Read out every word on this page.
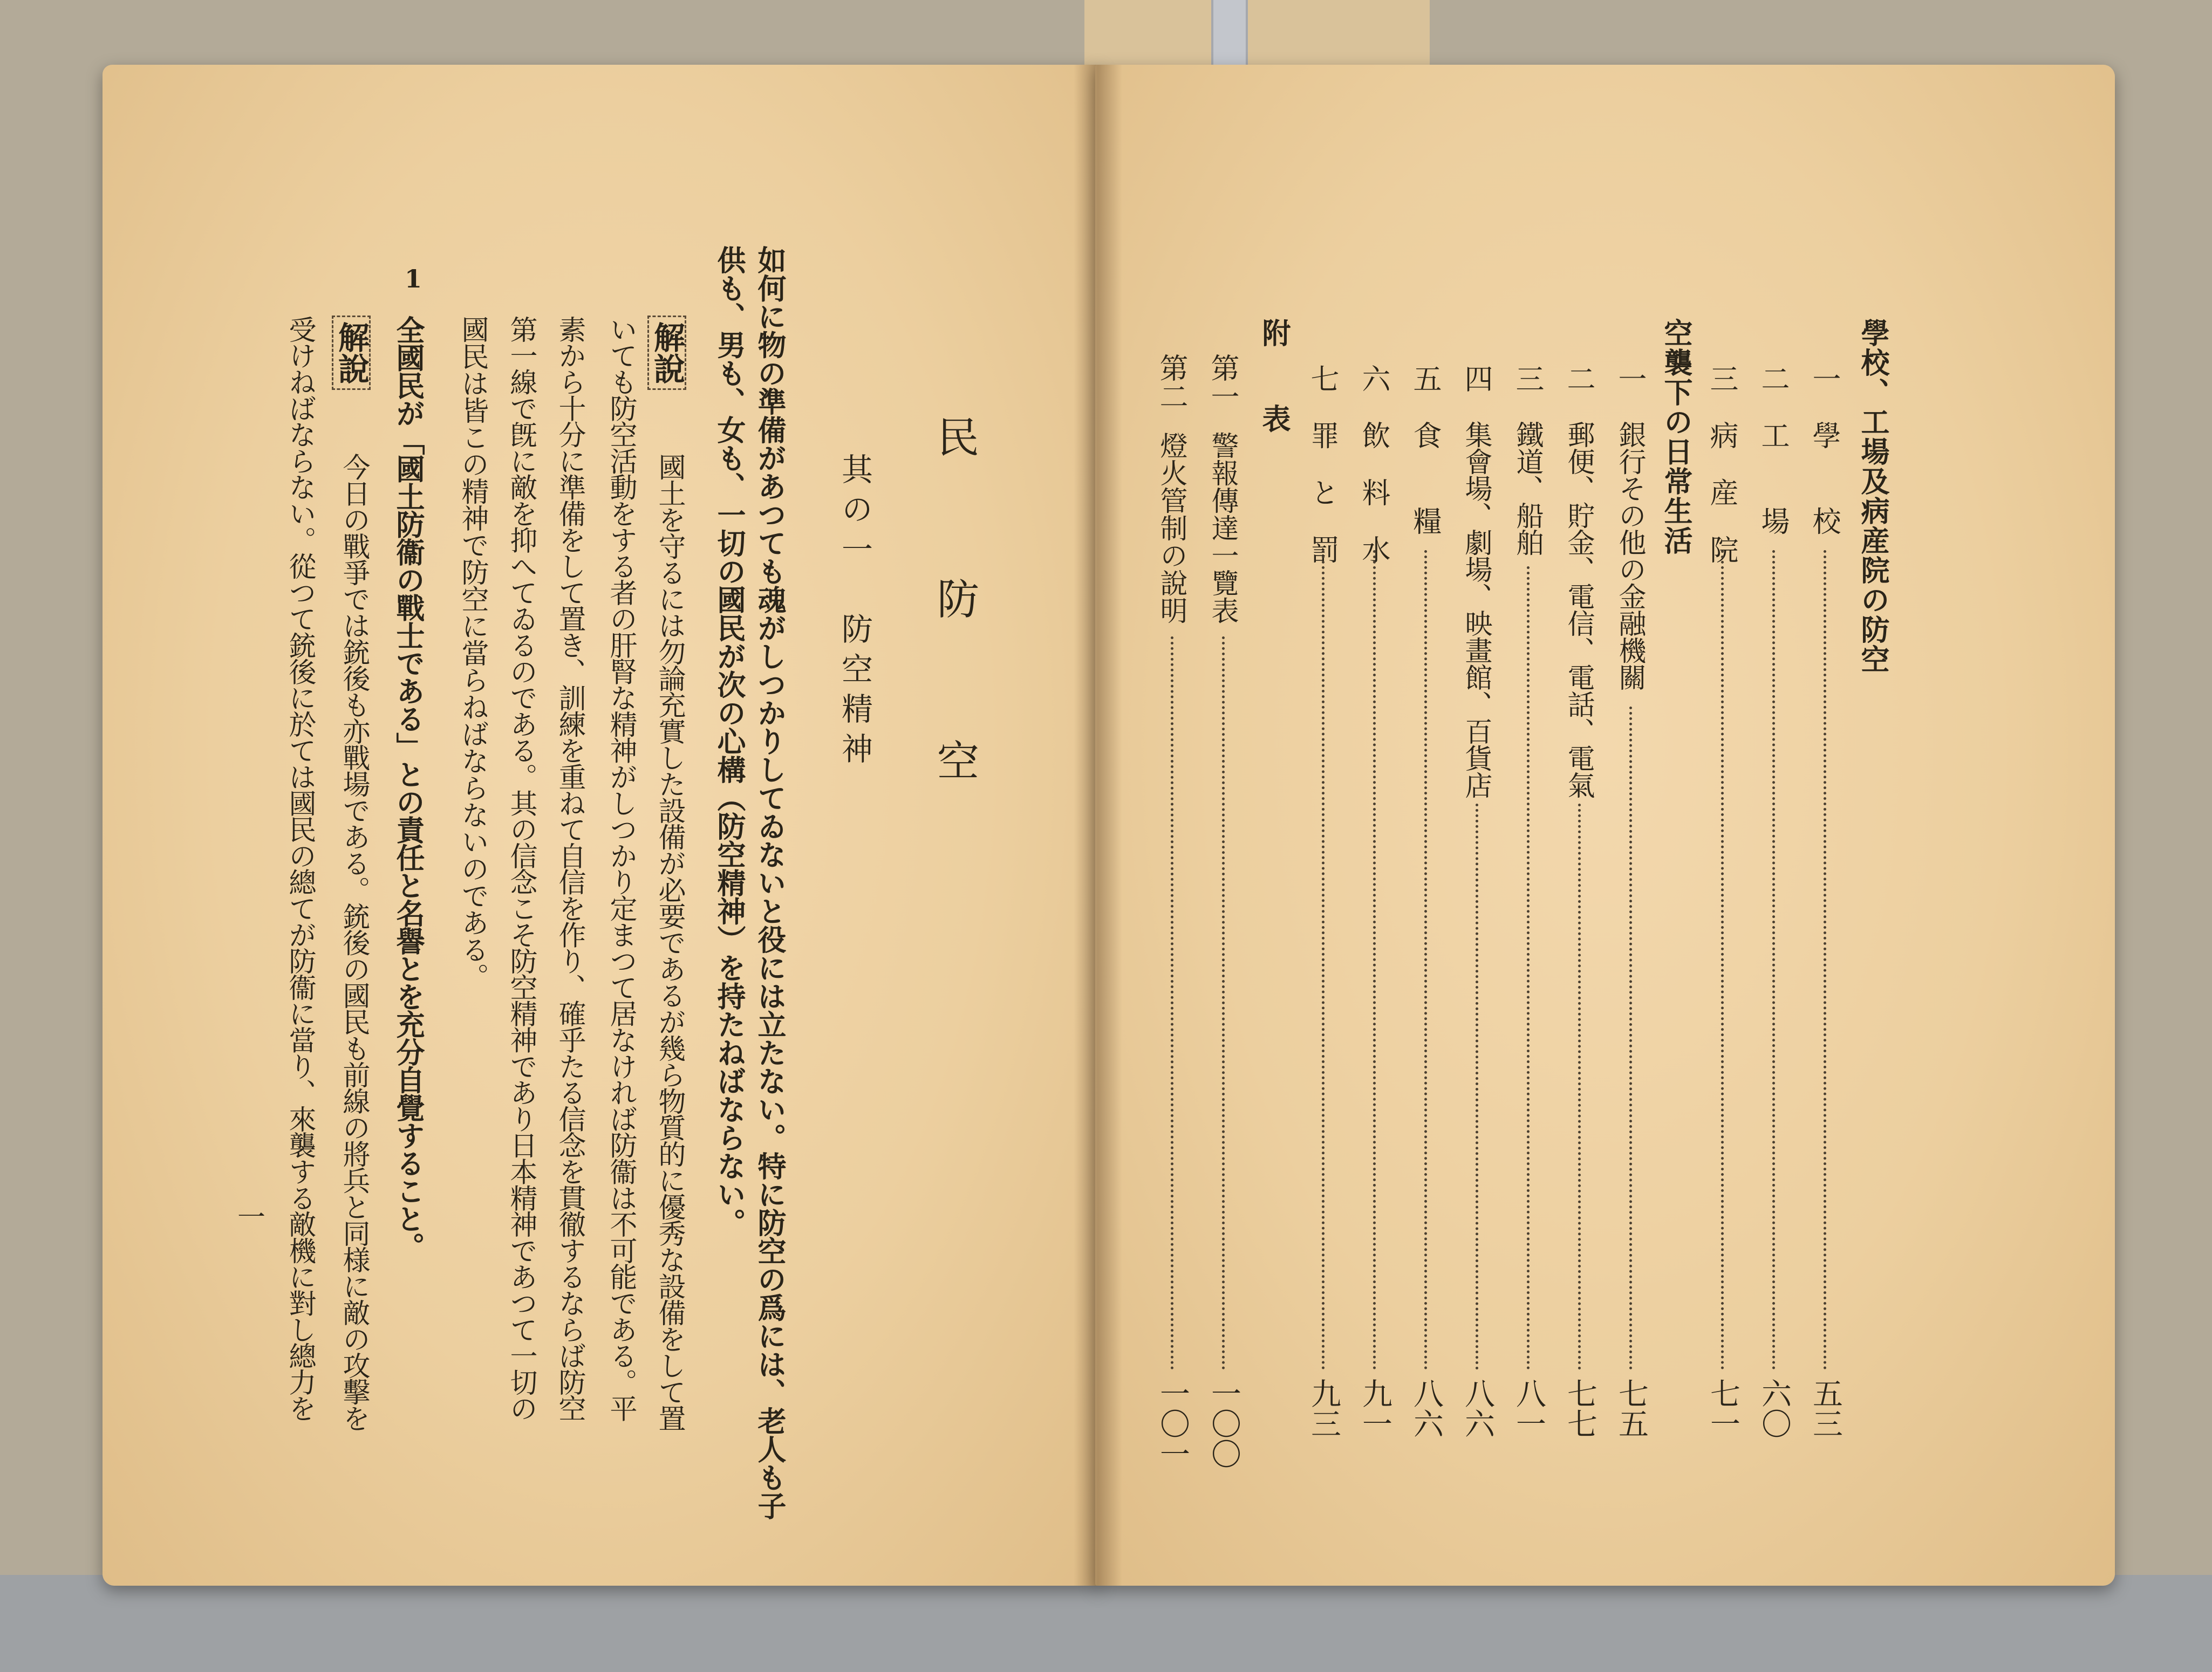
民　防　空
其の一　防空精神
如何に物の準備があつても魂がしつかりしてゐないと役には立たない。特に防空の爲には、老人も子
供も、男も、女も、一切の國民が次の心構（防空精神）を持たねばならない。
解說
國土を守るには勿論充實した設備が必要であるが幾ら物質的に優秀な設備をして置
いても防空活動をする者の肝腎な精神がしつかり定まつて居なければ防衞は不可能である。平
素から十分に準備をして置き、訓練を重ねて自信を作り、確乎たる信念を貫徹するならば防空
第一線で旣に敵を抑へてゐるのである。其の信念こそ防空精神であり日本精神であつて一切の
國民は皆この精神で防空に當らねばならないのである。
1
全國民が「國土防衞の戰士である」との責任と名譽とを充分自覺すること。
解說
今日の戰爭では銃後も亦戰場である。銃後の國民も前線の將兵と同様に敵の攻擊を
受けねばならない。從つて銃後に於ては國民の總てが防衞に當り、來襲する敵機に對し總力を
一
學校、工場及病産院の防空
一
學　　校
五三
二
工　　場
六〇
三
病　産　院
七一
空襲下の日常生活
一
銀行その他の金融機關
七五
二
郵便、貯金、電信、電話、電氣
七七
三
鐵道、船舶
八一
四
集會場、劇場、映畫館、百貨店
八六
五
食　　糧
八六
六
飲　料　水
九一
七
罪　と　罰
九三
附　　表
第一
警報傳達一覽表
一〇〇
第二
燈火管制の說明
一〇一
